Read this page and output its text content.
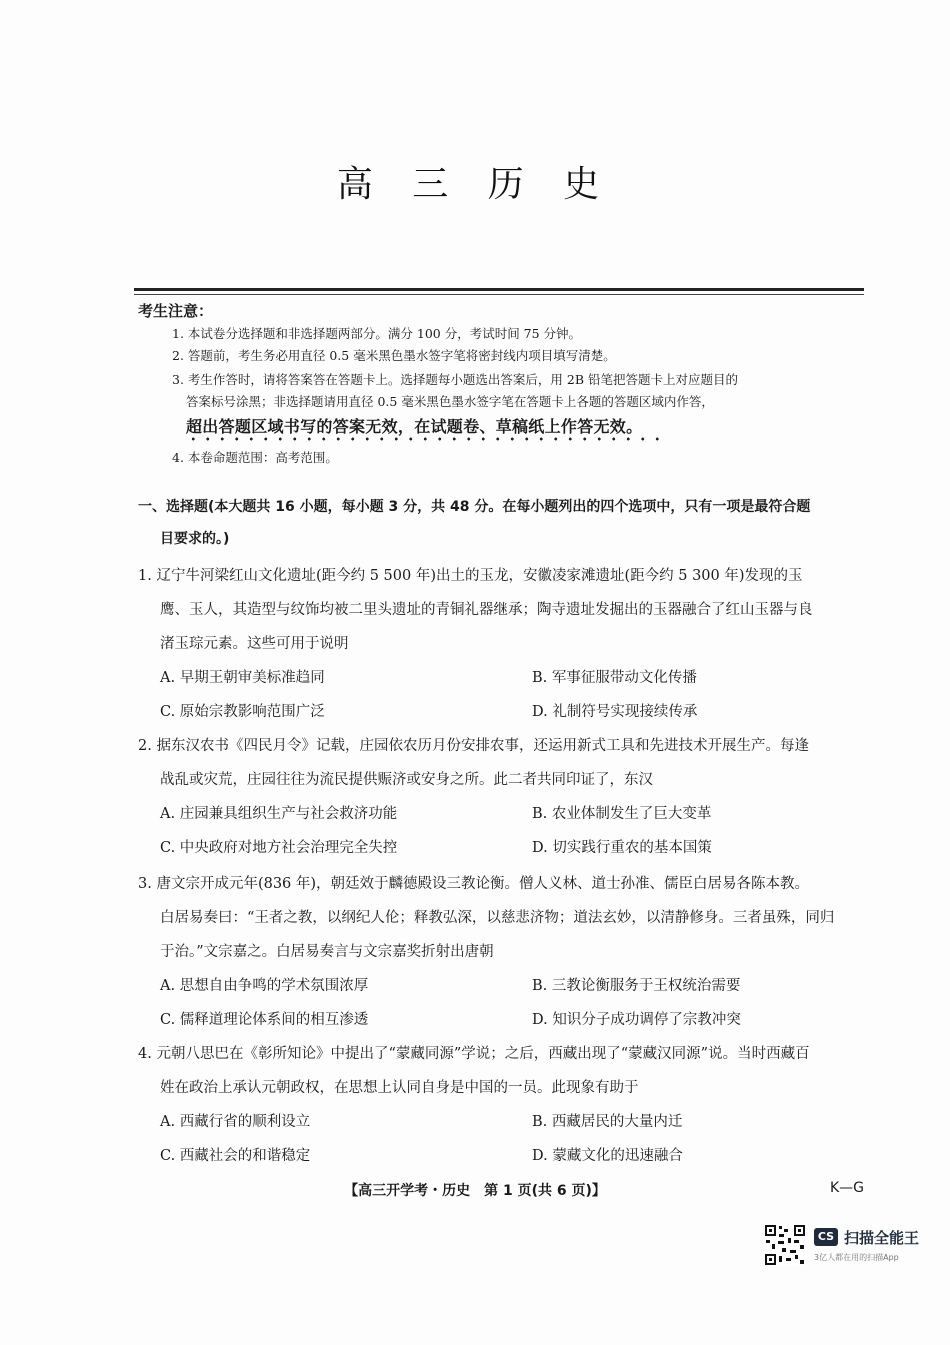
高 三 历 史
考生注意：
1. 本试卷分选择题和非选择题两部分。满分 100 分，考试时间 75 分钟。
2. 答题前，考生务必用直径 0.5 毫米黑色墨水签字笔将密封线内项目填写清楚。
3. 考生作答时，请将答案答在答题卡上。选择题每小题选出答案后，用 2B 铅笔把答题卡上对应题目的
答案标号涂黑；非选择题请用直径 0.5 毫米黑色墨水签字笔在答题卡上各题的答题区域内作答，
超出答题区域书写的答案无效，在试题卷、草稿纸上作答无效。
4. 本卷命题范围：高考范围。
一、选择题(本大题共 16 小题，每小题 3 分，共 48 分。在每小题列出的四个选项中，只有一项是最符合题
目要求的。)
1. 辽宁牛河梁红山文化遗址(距今约 5 500 年)出土的玉龙，安徽凌家滩遗址(距今约 5 300 年)发现的玉
鹰、玉人，其造型与纹饰均被二里头遗址的青铜礼器继承；陶寺遗址发掘出的玉器融合了红山玉器与良
渚玉琮元素。这些可用于说明
A. 早期王朝审美标准趋同	B. 军事征服带动文化传播
C. 原始宗教影响范围广泛	D. 礼制符号实现接续传承
2. 据东汉农书《四民月令》记载，庄园依农历月份安排农事，还运用新式工具和先进技术开展生产。每逢
战乱或灾荒，庄园往往为流民提供赈济或安身之所。此二者共同印证了，东汉
A. 庄园兼具组织生产与社会救济功能	B. 农业体制发生了巨大变革
C. 中央政府对地方社会治理完全失控	D. 切实践行重农的基本国策
3. 唐文宗开成元年(836 年)，朝廷效于麟德殿设三教论衡。僧人义林、道士孙准、儒臣白居易各陈本教。
白居易奏曰：“王者之教，以纲纪人伦；释教弘深，以慈悲济物；道法玄妙，以清静修身。三者虽殊，同归
于治。”文宗嘉之。白居易奏言与文宗嘉奖折射出唐朝
A. 思想自由争鸣的学术氛围浓厚	B. 三教论衡服务于王权统治需要
C. 儒释道理论体系间的相互渗透	D. 知识分子成功调停了宗教冲突
4. 元朝八思巴在《彰所知论》中提出了“蒙藏同源”学说；之后，西藏出现了“蒙藏汉同源”说。当时西藏百
姓在政治上承认元朝政权，在思想上认同自身是中国的一员。此现象有助于
A. 西藏行省的顺利设立	B. 西藏居民的大量内迁
C. 西藏社会的和谐稳定	D. 蒙藏文化的迅速融合
【高三开学考・历史　第 1 页(共 6 页)】	K—G
CS 扫描全能王
3亿人都在用的扫描App
